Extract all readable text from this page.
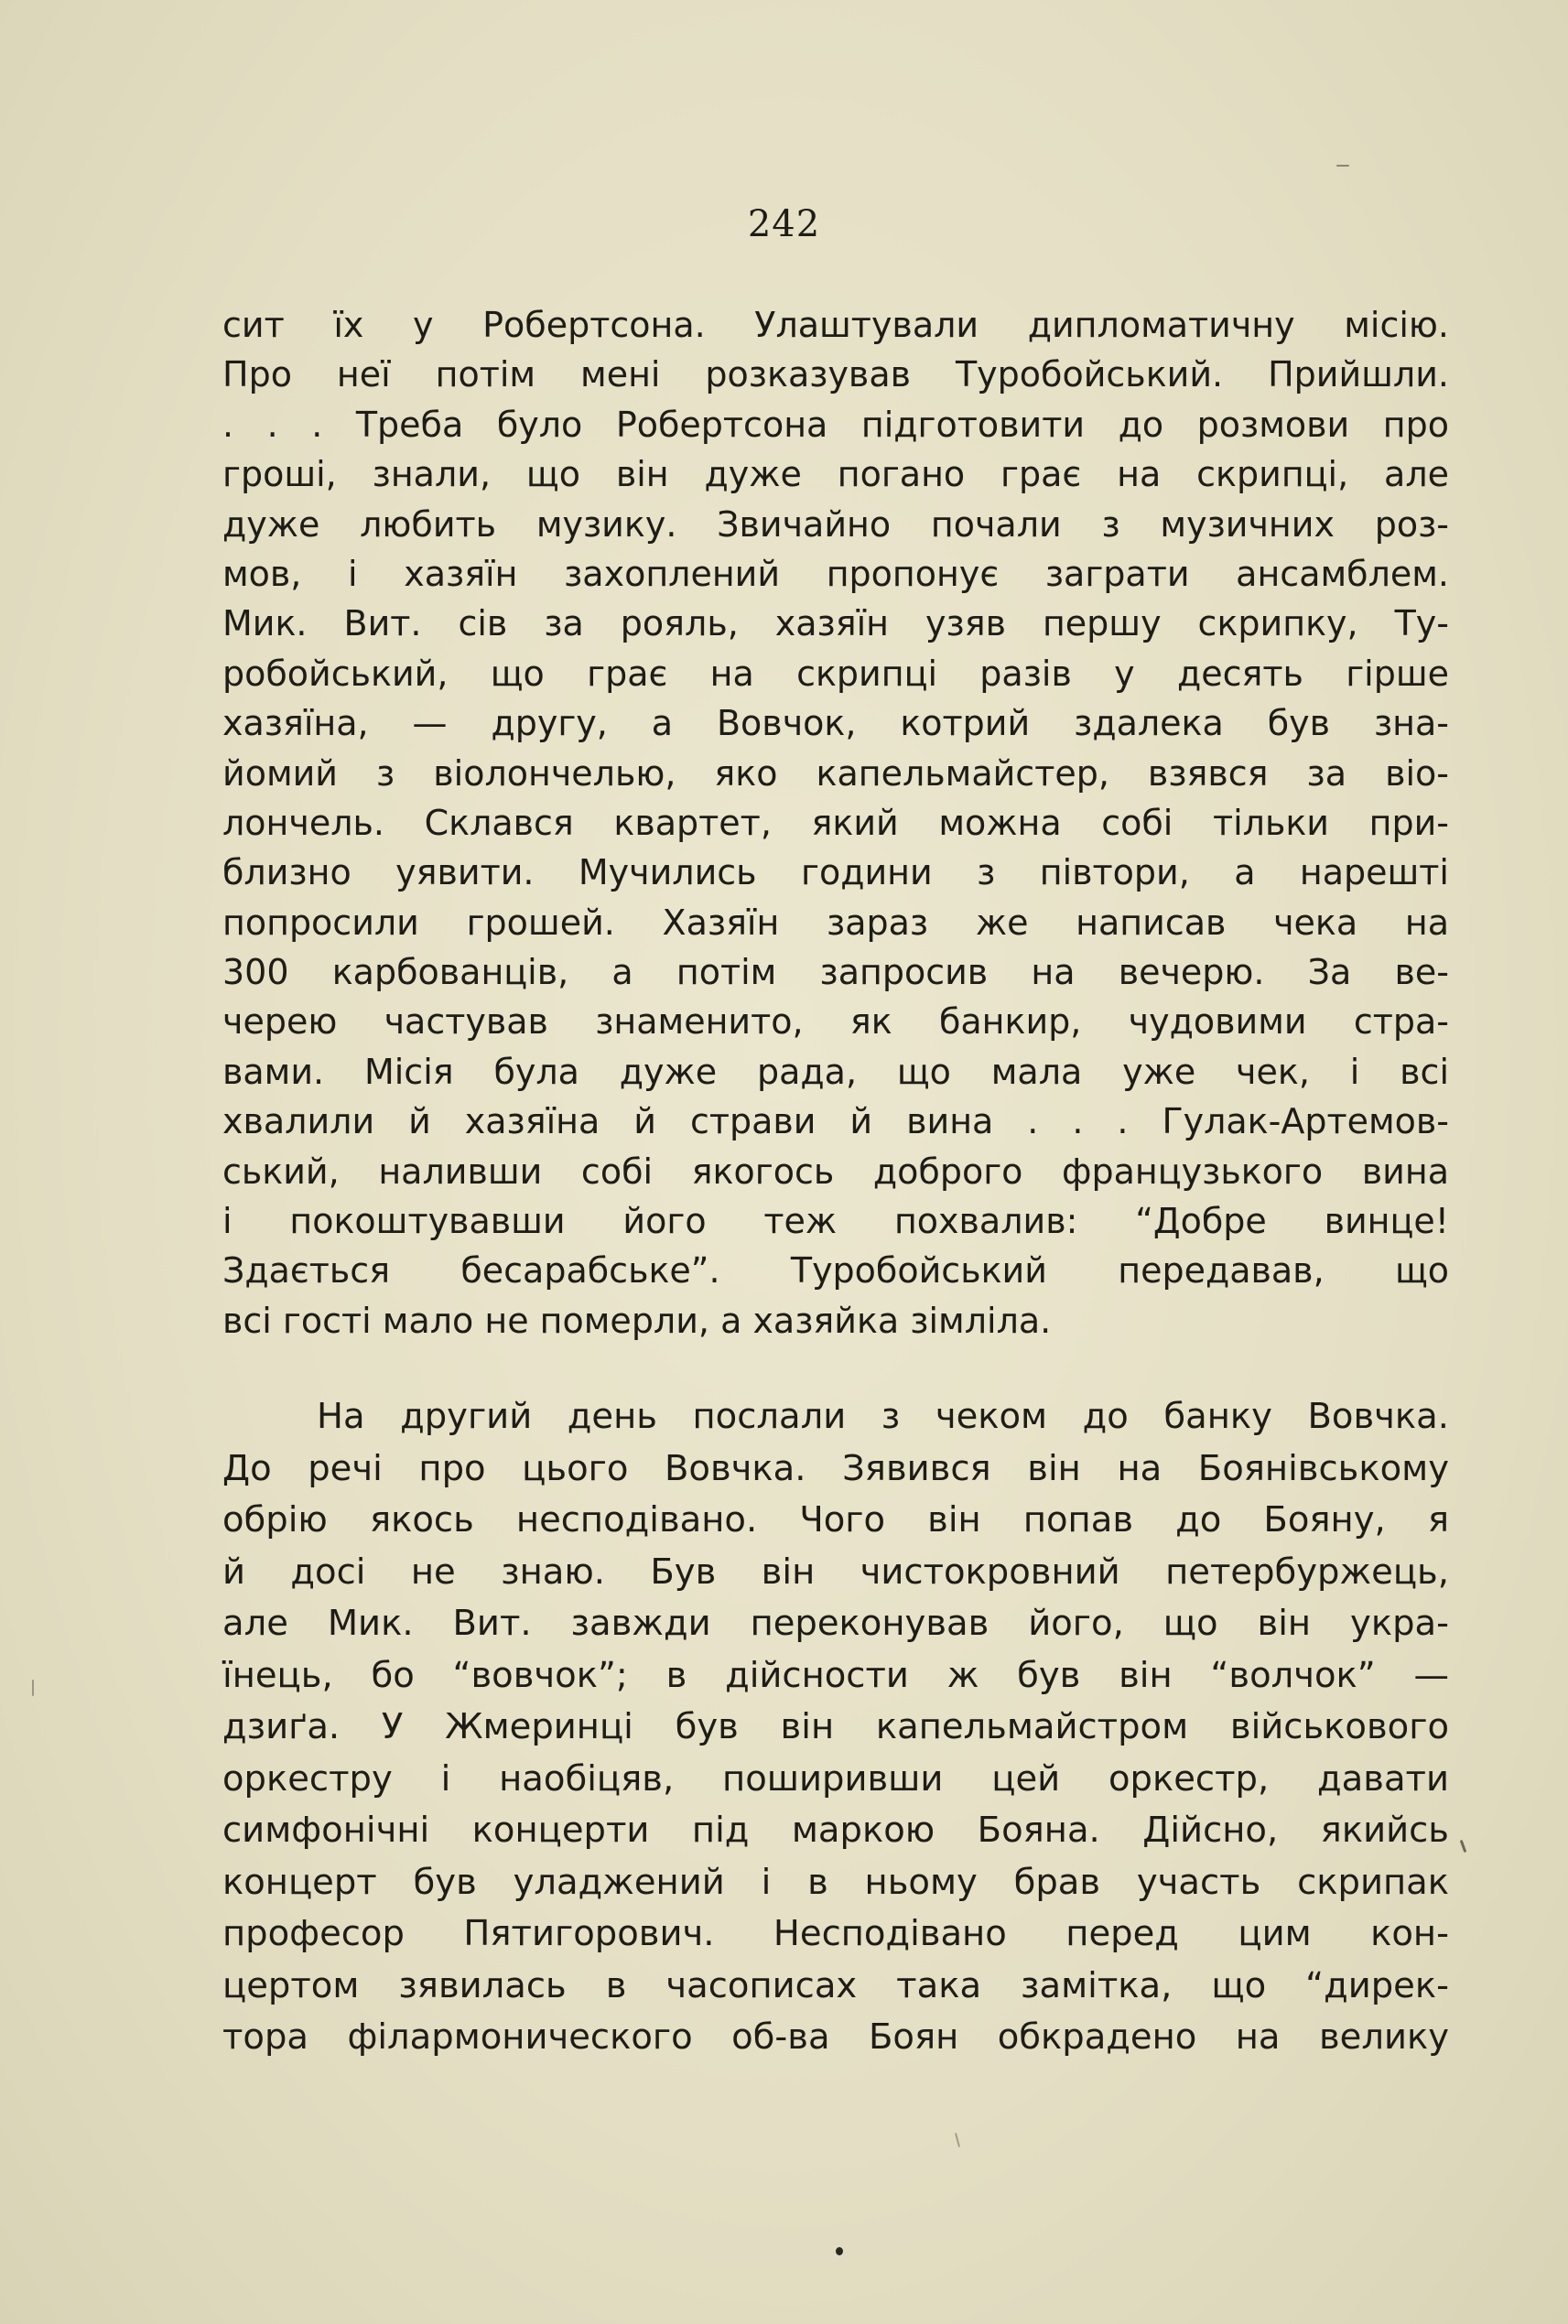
242
сит їх у Робертсона. Улаштували дипломатичну місію.
Про неї потім мені розказував Туробойський. Прийшли.
. . . Треба було Робертсона підготовити до розмови про
гроші, знали, що він дуже погано грає на скрипці, але
дуже любить музику. Звичайно почали з музичних роз-
мов, і хазяїн захоплений пропонує заграти ансамблем.
Мик. Вит. сів за рояль, хазяїн узяв першу скрипку, Ту-
робойський, що грає на скрипці разів у десять гірше
хазяїна, — другу, а Вовчок, котрий здалека був зна-
йомий з віолончелью, яко капельмайстер, взявся за віо-
лончель. Склався квартет, який можна собі тільки при-
близно уявити. Мучились години з півтори, а нарешті
попросили грошей. Хазяїн зараз же написав чека на
300 карбованців, а потім запросив на вечерю. За ве-
черею частував знаменито, як банкир, чудовими стра-
вами. Місія була дуже рада, що мала уже чек, і всі
хвалили й хазяїна й страви й вина . . . Гулак-Артемов-
ський, наливши собі якогось доброго французького вина
і покоштувавши його теж похвалив: “Добре винце!
Здається бесарабське”. Туробойський передавав, що
всі гості мало не померли, а хазяйка зімліла.
На другий день послали з чеком до банку Вовчка.
До речі про цього Вовчка. Зявився він на Боянівському
обрію якось несподівано. Чого він попав до Бояну, я
й досі не знаю. Був він чистокровний петербуржець,
але Мик. Вит. завжди переконував його, що він укра-
їнець, бо “вовчок”; в дійсности ж був він “волчок” —
дзиґа. У Жмеринці був він капельмайстром військового
оркестру і наобіцяв, поширивши цей оркестр, давати
симфонічні концерти під маркою Бояна. Дійсно, якийсь
концерт був уладжений і в ньому брав участь скрипак
професор Пятигорович. Несподівано перед цим кон-
цертом зявилась в часописах така замітка, що “дирек-
тора філармонического об-ва Боян обкрадено на велику
